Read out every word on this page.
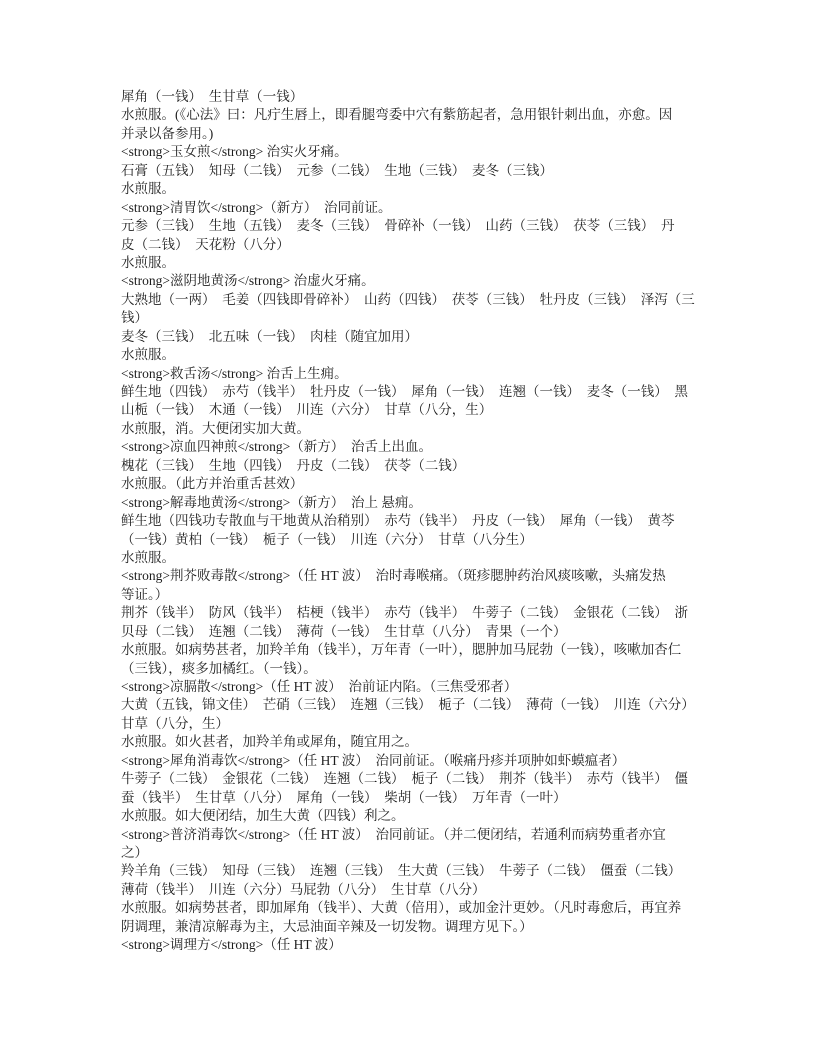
犀角（一钱）　生甘草（一钱）
水煎服。(《心法》曰：凡疔生唇上，即看腿弯委中穴有紫筋起者，急用银针刺出血，亦愈。因
并录以备参用。)
<strong>玉女煎</strong> 治实火牙痛。
石膏（五钱）　知母（二钱）　元参（二钱）　生地（三钱）　麦冬（三钱）
水煎服。
<strong>清胃饮</strong>（新方）　治同前证。
元参（三钱）　生地（五钱）　麦冬（三钱）　骨碎补（一钱）　山药（三钱）　茯苓（三钱）　丹
皮（二钱）　天花粉（八分）
水煎服。
<strong>滋阴地黄汤</strong> 治虚火牙痛。
大熟地（一两）　毛姜（四钱即骨碎补）　山药（四钱）　茯苓（三钱）　牡丹皮（三钱）　泽泻（三
钱）
麦冬（三钱）　北五味（一钱）　肉桂（随宜加用）
水煎服。
<strong>救舌汤</strong> 治舌上生痈。
鲜生地（四钱）　赤芍（钱半）　牡丹皮（一钱）　犀角（一钱）　连翘（一钱）　麦冬（一钱）　黑
山栀（一钱）　木通（一钱）　川连（六分）　甘草（八分，生）
水煎服，消。大便闭实加大黄。
<strong>凉血四神煎</strong>（新方）　治舌上出血。
槐花（三钱）　生地（四钱）　丹皮（二钱）　茯苓（二钱）
水煎服。（此方并治重舌甚效）
<strong>解毒地黄汤</strong>（新方）　治上 悬痈。
鲜生地（四钱功专散血与干地黄从治稍别）　赤芍（钱半）　丹皮（一钱）　犀角（一钱）　黄芩
（一钱）黄柏（一钱）　栀子（一钱）　川连（六分）　甘草（八分生）
水煎服。
<strong>荆芥败毒散</strong>（任 HT 波）　治时毒喉痛。（斑疹腮肿药治风痰咳嗽，头痛发热
等证。）
荆芥（钱半）　防风（钱半）　桔梗（钱半）　赤芍（钱半）　牛蒡子（二钱）　金银花（二钱）　浙
贝母（二钱）　连翘（二钱）　薄荷（一钱）　生甘草（八分）　青果（一个）
水煎服。如病势甚者，加羚羊角（钱半），万年青（一叶），腮肿加马屁勃（一钱），咳嗽加杏仁
（三钱），痰多加橘红。（一钱）。
<strong>凉膈散</strong>（任 HT 波）　治前证内陷。（三焦受邪者）
大黄（五钱，锦文佳）　芒硝（三钱）　连翘（三钱）　栀子（二钱）　薄荷（一钱）　川连（六分）
甘草（八分，生）
水煎服。如火甚者，加羚羊角或犀角，随宜用之。
<strong>犀角消毒饮</strong>（任 HT 波）　治同前证。（喉痛丹疹并项肿如虾蟆瘟者）
牛蒡子（二钱）　金银花（二钱）　连翘（二钱）　栀子（二钱）　荆芥（钱半）　赤芍（钱半）　僵
蚕（钱半）　生甘草（八分）　犀角（一钱）　柴胡（一钱）　万年青（一叶）
水煎服。如大便闭结，加生大黄（四钱）利之。
<strong>普济消毒饮</strong>（任 HT 波）　治同前证。（并二便闭结，若通利而病势重者亦宜
之）
羚羊角（三钱）　知母（三钱）　连翘（三钱）　生大黄（三钱）　牛蒡子（二钱）　僵蚕（二钱）
薄荷（钱半）　川连（六分）马屁勃（八分）　生甘草（八分）
水煎服。如病势甚者，即加犀角（钱半）、大黄（倍用），或加金汁更妙。（凡时毒愈后，再宜养
阴调理，兼清凉解毒为主，大忌油面辛辣及一切发物。调理方见下。）
<strong>调理方</strong>（任 HT 波）
